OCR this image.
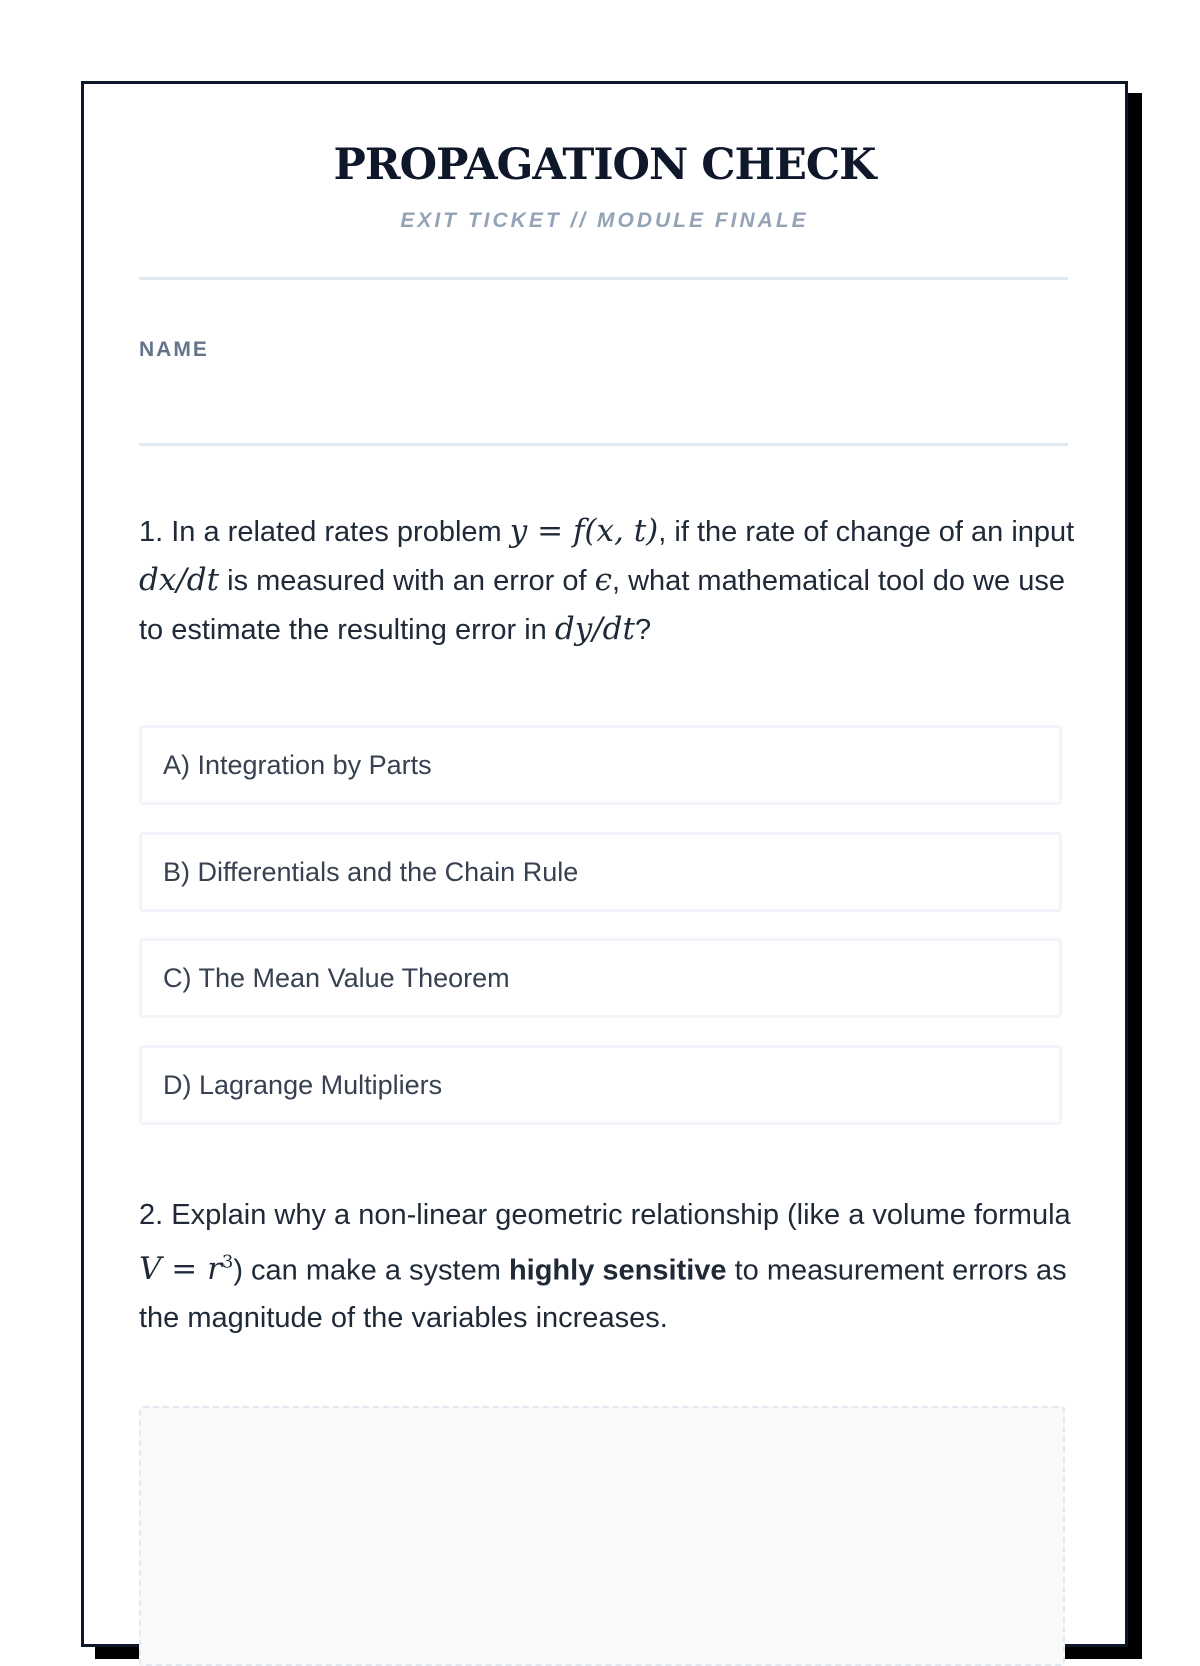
PROPAGATION CHECK
EXIT TICKET // MODULE FINALE
NAME
1. In a related rates problem y = f(x, t), if the rate of change of an input dx/dt is measured with an error of ϵ, what mathematical tool do we use to estimate the resulting error in dy/dt?
A) Integration by Parts
B) Differentials and the Chain Rule
C) The Mean Value Theorem
D) Lagrange Multipliers
2. Explain why a non-linear geometric relationship (like a volume formula $V = r^3$) can make a system highly sensitive to measurement errors as the magnitude of the variables increases.
